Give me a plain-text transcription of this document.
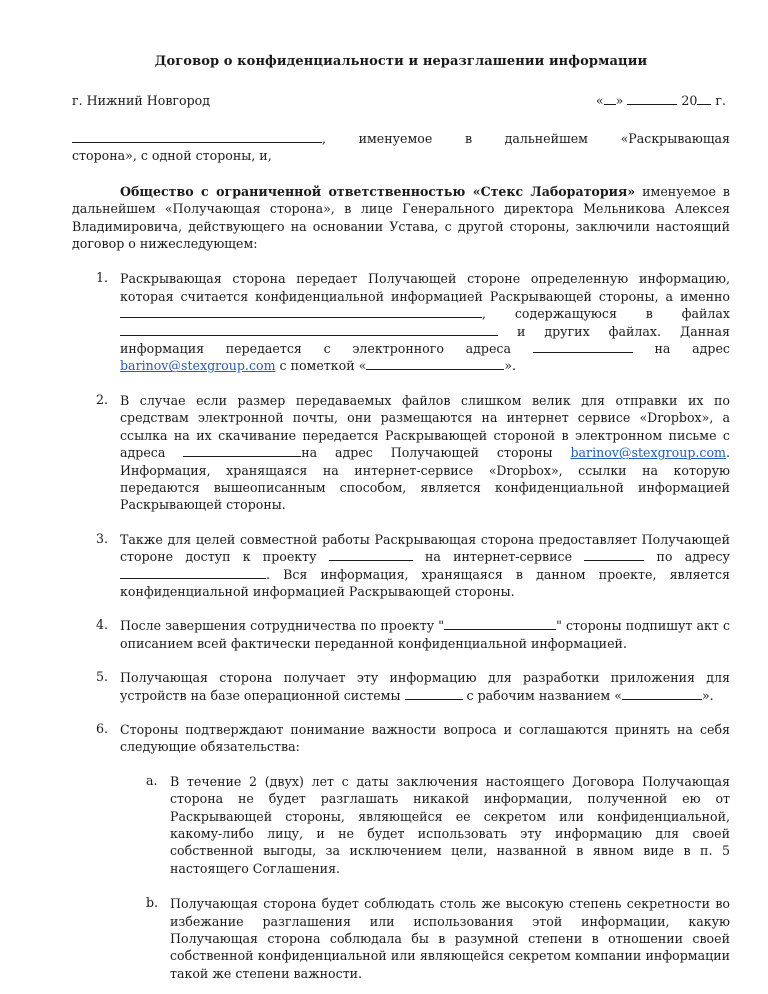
Договор о конфиденциальности и неразглашении информации
г. Нижний Новгород	« »	20 г.

, именуемое в дальнейшем «Раскрывающая

сторона», с одной стороны, и,

Общество с ограниченной ответственностью «Стекс Лаборатория» именуемое в дальнейшем «Получающая сторона», в лице Генерального директора Мельникова Алексея Владимировича, действующего на основании Устава, с другой стороны, заключили настоящий договор о нижеследующем:

1. Раскрывающая сторона передает Получающей стороне определенную информацию, которая считается конфиденциальной информацией Раскрывающей стороны, а именно , содержащуюся в файлах  и других файлах. Данная информация передается с электронного адреса	на адрес barinov@stexgroup.com с пометкой «	».

2. В случае если размер передаваемых файлов слишком велик для отправки их по средствам электронной почты, они размещаются на интернет сервисе «Dropbox», а ссылка на их скачивание передается Раскрывающей стороной в электронном письме с адреса	на адрес Получающей стороны barinov@stexgroup.com. Информация, хранящаяся на интернет-сервисе «Dropbox», ссылки на которую передаются вышеописанным способом, является конфиденциальной информацией Раскрывающей стороны.

3. Также для целей совместной работы Раскрывающая сторона предоставляет Получающей стороне доступ к проекту	на интернет-сервисе	по адресу . Вся информация, хранящаяся в данном проекте, является конфиденциальной информацией Раскрывающей стороны.

4. После завершения сотрудничества по проекту "	" стороны подпишут акт с описанием всей фактически переданной конфиденциальной информацией.

5. Получающая сторона получает эту информацию для разработки приложения для устройств на базе операционной системы	с рабочим названием «	».

6. Стороны подтверждают понимание важности вопроса и соглашаются принять на себя следующие обязательства:

a. В течение 2 (двух) лет с даты заключения настоящего Договора Получающая сторона не будет разглашать никакой информации, полученной ею от Раскрывающей стороны, являющейся ее секретом или конфиденциальной, какому-либо лицу, и не будет использовать эту информацию для своей собственной выгоды, за исключением цели, названной в явном виде в п. 5 настоящего Соглашения.

b. Получающая сторона будет соблюдать столь же высокую степень секретности во избежание разглашения или использования этой информации, какую Получающая сторона соблюдала бы в разумной степени в отношении своей собственной конфиденциальной или являющейся секретом компании информации такой же степени важности.
